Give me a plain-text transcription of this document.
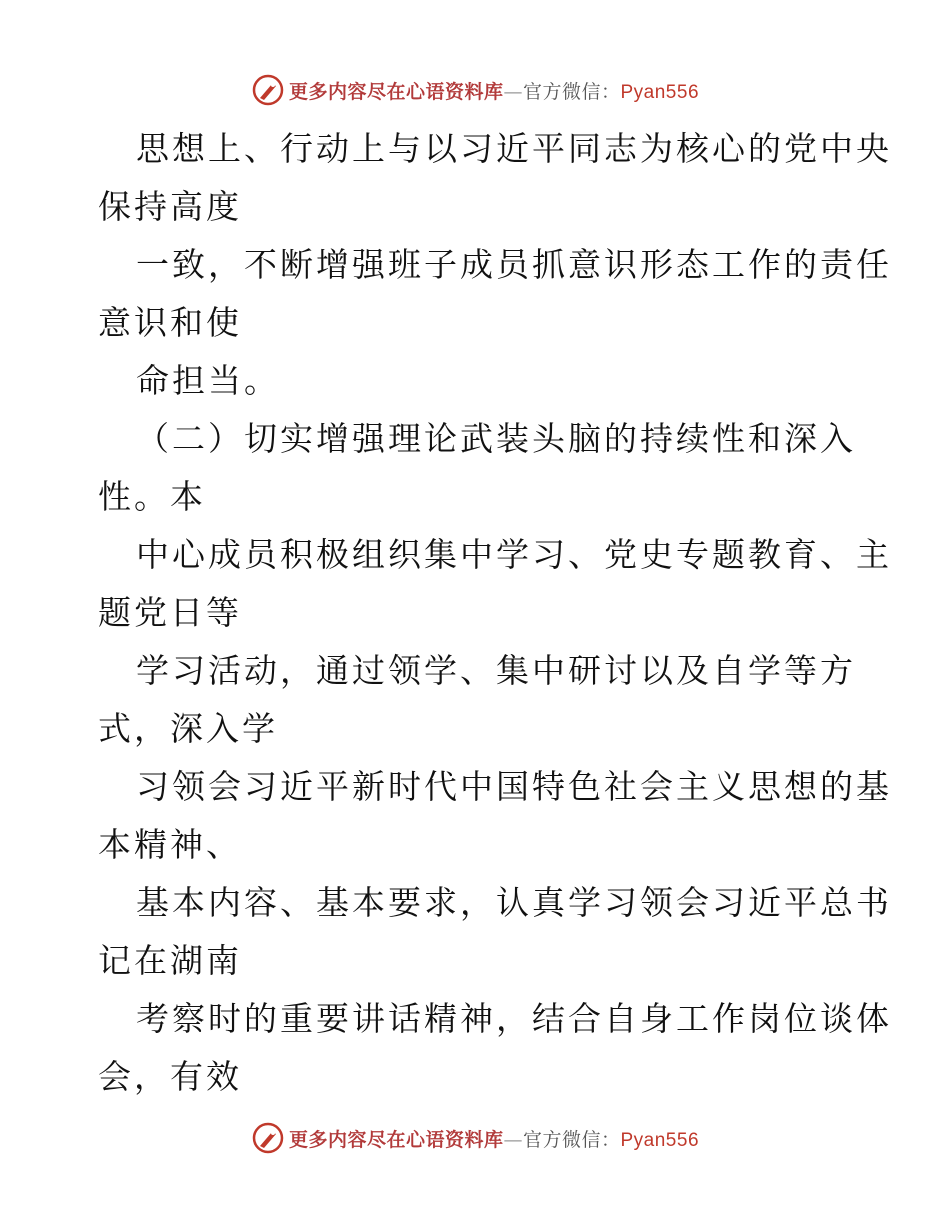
更多内容尽在心语资料库—官方微信：Pyan556
思想上、行动上与以习近平同志为核心的党中央
保持高度
一致，不断增强班子成员抓意识形态工作的责任
意识和使
命担当。
（二）切实增强理论武装头脑的持续性和深入
性。本
中心成员积极组织集中学习、党史专题教育、主
题党日等
学习活动，通过领学、集中研讨以及自学等方
式，深入学
习领会习近平新时代中国特色社会主义思想的基
本精神、
基本内容、基本要求，认真学习领会习近平总书
记在湖南
考察时的重要讲话精神，结合自身工作岗位谈体
会，有效
更多内容尽在心语资料库—官方微信：Pyan556
